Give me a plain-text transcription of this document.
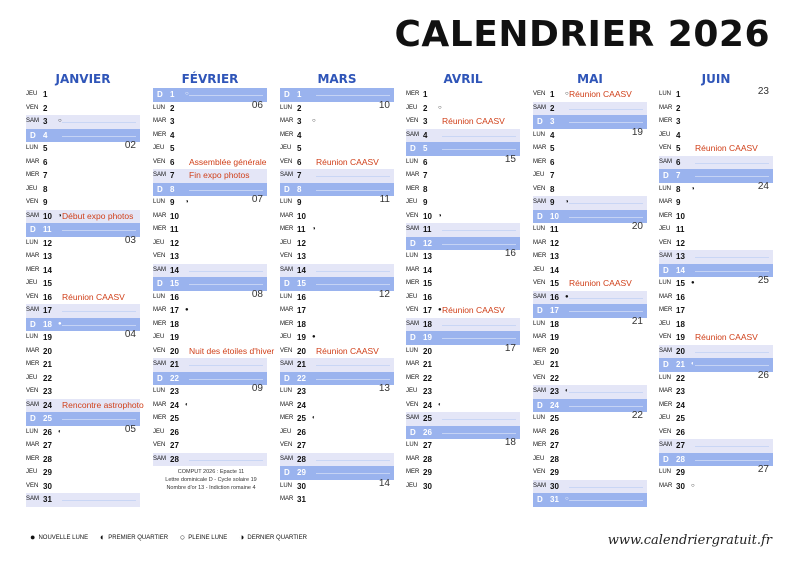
CALENDRIER 2026
JANVIER
JEU 1
VEN 2
SAM 3 ○
D 4
LUN 5	02
MAR 6
MER 7
JEU 8
VEN 9
SAM 10 ◑ Début expo photos
D 11
LUN 12	03
MAR 13
MER 14
JEU 15
VEN 16 Réunion CAASV
SAM 17
D 18 ●
LUN 19	04
MAR 20
MER 21
JEU 22
VEN 23
SAM 24 Rencontre astrophoto
D 25
LUN 26 ◐	05
MAR 27
MER 28
JEU 29
VEN 30
SAM 31
FÉVRIER
D 1 ○
LUN 2	06
MAR 3
MER 4
JEU 5
VEN 6 Assemblée générale
SAM 7 Fin expo photos
D 8
LUN 9 ◑	07
MAR 10
MER 11
JEU 12
VEN 13
SAM 14
D 15
LUN 16	08
MAR 17 ●
MER 18
JEU 19
VEN 20 Nuit des étoiles d'hiver
SAM 21
D 22
LUN 23	09
MAR 24 ◐
MER 25
JEU 26
VEN 27
SAM 28
MARS
D 1
LUN 2	10
MAR 3 ○
MER 4
JEU 5
VEN 6 Réunion CAASV
SAM 7
D 8
LUN 9	11
MAR 10
MER 11 ◑
JEU 12
VEN 13
SAM 14
D 15
LUN 16	12
MAR 17
MER 18
JEU 19 ●
VEN 20 Réunion CAASV
SAM 21
D 22
LUN 23	13
MAR 24
MER 25 ◐
JEU 26
VEN 27
SAM 28
D 29
LUN 30	14
MAR 31
AVRIL
MER 1
JEU 2 ○
VEN 3 Réunion CAASV
SAM 4
D 5
LUN 6	15
MAR 7
MER 8
JEU 9
VEN 10 ◑
SAM 11
D 12
LUN 13	16
MAR 14
MER 15
JEU 16
VEN 17 ● Réunion CAASV
SAM 18
D 19
LUN 20	17
MAR 21
MER 22
JEU 23
VEN 24 ◐
SAM 25
D 26
LUN 27	18
MAR 28
MER 29
JEU 30
MAI
VEN 1 ○ Réunion CAASV
SAM 2
D 3
LUN 4	19
MAR 5
MER 6
JEU 7
VEN 8
SAM 9 ◑
D 10
LUN 11	20
MAR 12
MER 13
JEU 14
VEN 15 Réunion CAASV
SAM 16 ●
D 17
LUN 18	21
MAR 19
MER 20
JEU 21
VEN 22
SAM 23 ◐
D 24
LUN 25	22
MAR 26
MER 27
JEU 28
VEN 29
SAM 30
D 31 ○
JUIN
LUN 1	23
MAR 2
MER 3
JEU 4
VEN 5 Réunion CAASV
SAM 6
D 7
LUN 8 ◑	24
MAR 9
MER 10
JEU 11
VEN 12
SAM 13
D 14
LUN 15 ●	25
MAR 16
MER 17
JEU 18
VEN 19 Réunion CAASV
SAM 20
D 21 ◐
LUN 22	26
MAR 23
MER 24
JEU 25
VEN 26
SAM 27
D 28
LUN 29	27
MAR 30 ○
COMPUT 2026 : Epacte 11
Lettre dominicale D - Cycle solaire 19
Nombre d'or 13 - Indiction romaine 4
● NOUVELLE LUNE ◐ PREMIER QUARTIER ○ PLEINE LUNE ◑ DERNIER QUARTIER	www.calendriergratuit.fr
